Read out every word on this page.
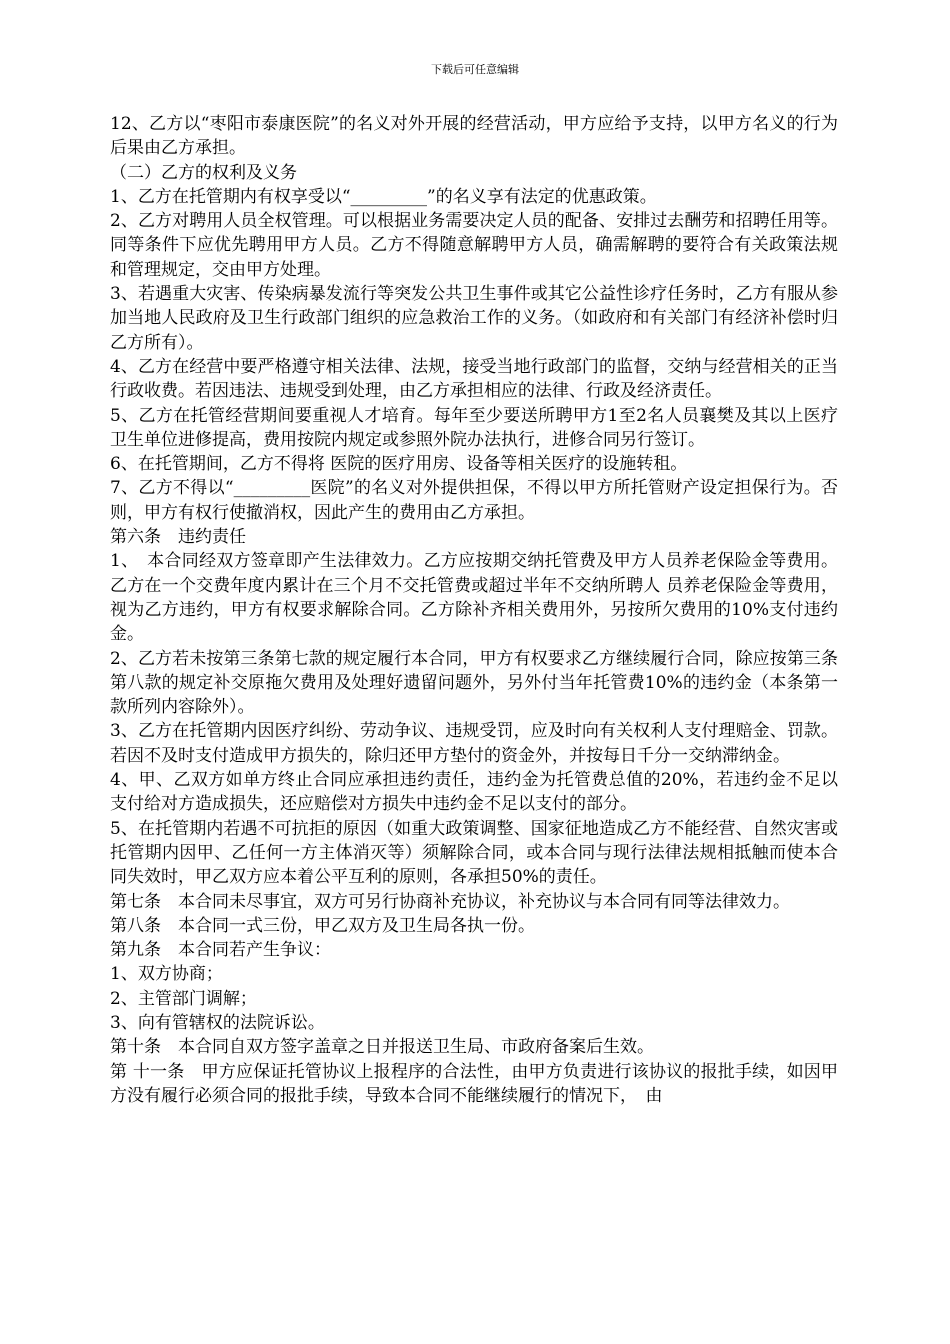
下载后可任意编辑

12、乙方以“枣阳市泰康医院”的名义对外开展的经营活动，甲方应给予支持，以甲方名义的行为后果由乙方承担。

（二）乙方的权利及义务

1、乙方在托管期内有权享受以“_________”的名义享有法定的优惠政策。

2、乙方对聘用人员全权管理。可以根据业务需要决定人员的配备、安排过去酬劳和招聘任用等。同等条件下应优先聘用甲方人员。乙方不得随意解聘甲方人员，确需解聘的要符合有关政策法规和管理规定，交由甲方处理。

3、若遇重大灾害、传染病暴发流行等突发公共卫生事件或其它公益性诊疗任务时，乙方有服从参加当地人民政府及卫生行政部门组织的应急救治工作的义务。（如政府和有关部门有经济补偿时归乙方所有）。

4、乙方在经营中要严格遵守相关法律、法规，接受当地行政部门的监督，交纳与经营相关的正当行政收费。若因违法、违规受到处理，由乙方承担相应的法律、行政及经济责任。

5、乙方在托管经营期间要重视人才培育。每年至少要送所聘甲方1至2名人员襄樊及其以上医疗卫生单位进修提高，费用按院内规定或参照外院办法执行，进修合同另行签订。

6、在托管期间，乙方不得将 医院的医疗用房、设备等相关医疗的设施转租。

7、乙方不得以“_________医院”的名义对外提供担保，不得以甲方所托管财产设定担保行为。否则，甲方有权行使撤消权，因此产生的费用由乙方承担。

第六条　违约责任

1、　本合同经双方签章即产生法律效力。乙方应按期交纳托管费及甲方人员养老保险金等费用。乙方在一个交费年度内累计在三个月不交托管费或超过半年不交纳所聘人 员养老保险金等费用，视为乙方违约，甲方有权要求解除合同。乙方除补齐相关费用外，另按所欠费用的10%支付违约金。

2、乙方若未按第三条第七款的规定履行本合同，甲方有权要求乙方继续履行合同，除应按第三条第八款的规定补交原拖欠费用及处理好遗留问题外，另外付当年托管费10%的违约金（本条第一款所列内容除外）。

3、乙方在托管期内因医疗纠纷、劳动争议、违规受罚，应及时向有关权利人支付理赔金、罚款。若因不及时支付造成甲方损失的，除归还甲方垫付的资金外，并按每日千分一交纳滞纳金。

4、甲、乙双方如单方终止合同应承担违约责任，违约金为托管费总值的20%，若违约金不足以支付给对方造成损失，还应赔偿对方损失中违约金不足以支付的部分。

5、在托管期内若遇不可抗拒的原因（如重大政策调整、国家征地造成乙方不能经营、自然灾害或托管期内因甲、乙任何一方主体消灭等）须解除合同，或本合同与现行法律法规相抵触而使本合同失效时，甲乙双方应本着公平互利的原则，各承担50%的责任。

第七条　本合同未尽事宜，双方可另行协商补充协议，补充协议与本合同有同等法律效力。

第八条　本合同一式三份，甲乙双方及卫生局各执一份。

第九条　本合同若产生争议：

1、双方协商；

2、主管部门调解；

3、向有管辖权的法院诉讼。

第十条　本合同自双方签字盖章之日并报送卫生局、市政府备案后生效。

第 十一条　甲方应保证托管协议上报程序的合法性，由甲方负责进行该协议的报批手续，如因甲方没有履行必须合同的报批手续，导致本合同不能继续履行的情况下，　由
